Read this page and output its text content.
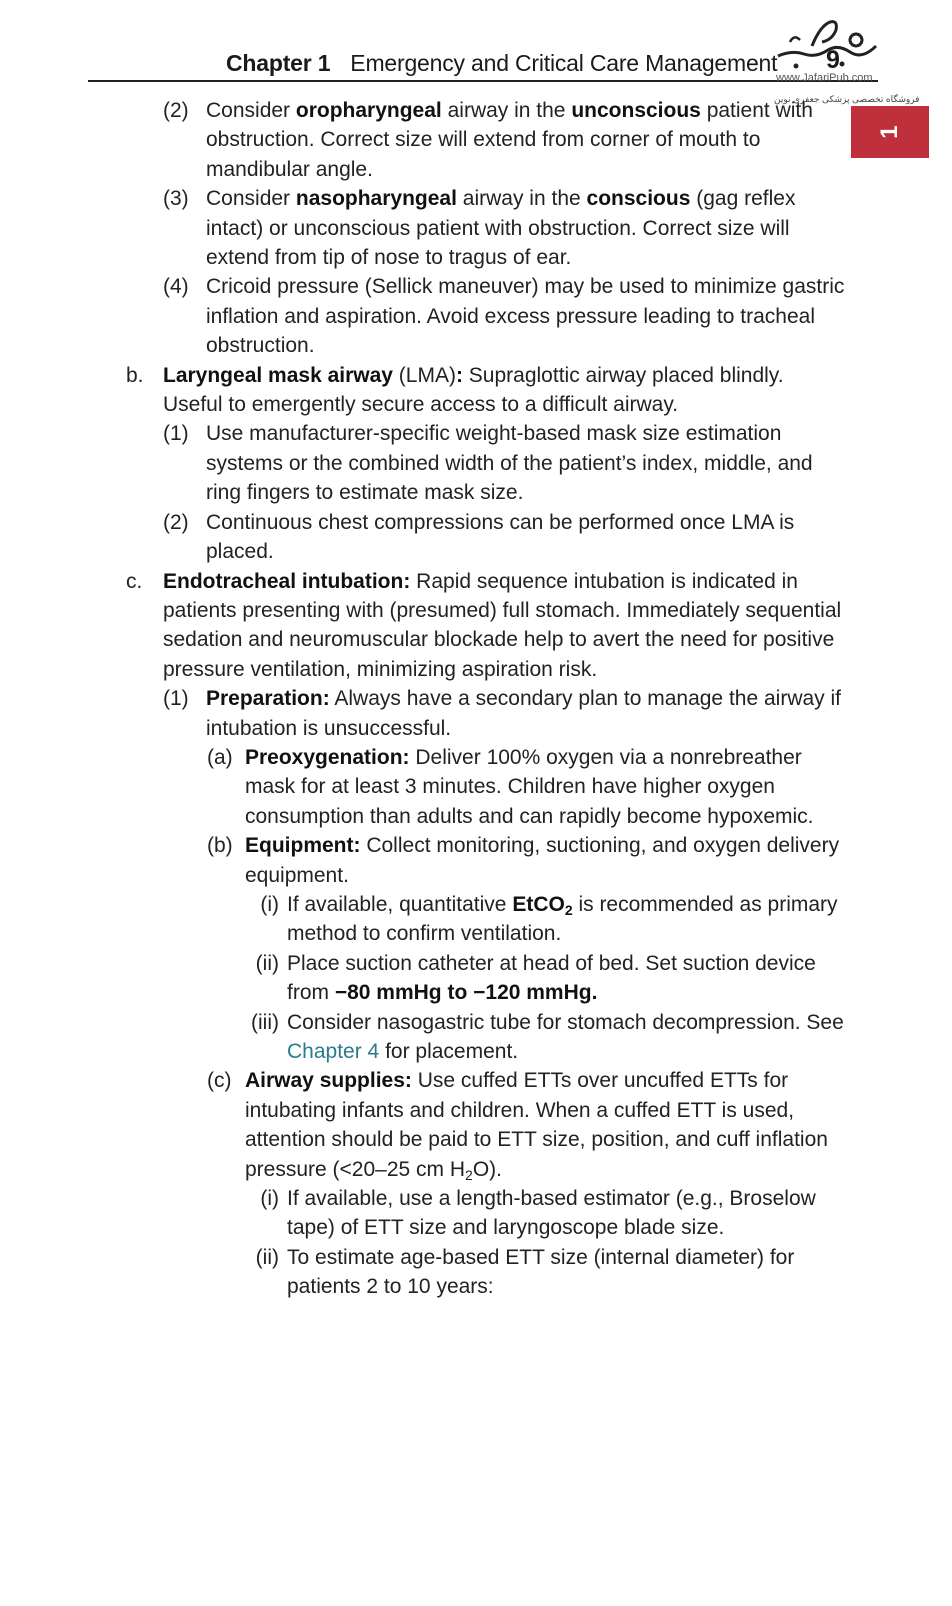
Chapter 1 Emergency and Critical Care Management 9
www.JafariPub.com
فروشگاه تخصصی پزشکی جعفری نوین
1
(2) Consider oropharyngeal airway in the unconscious patient with obstruction. Correct size will extend from corner of mouth to mandibular angle.
(3) Consider nasopharyngeal airway in the conscious (gag reflex intact) or unconscious patient with obstruction. Correct size will extend from tip of nose to tragus of ear.
(4) Cricoid pressure (Sellick maneuver) may be used to minimize gastric inflation and aspiration. Avoid excess pressure leading to tracheal obstruction.
b. Laryngeal mask airway (LMA): Supraglottic airway placed blindly. Useful to emergently secure access to a difficult airway.
(1) Use manufacturer-specific weight-based mask size estimation systems or the combined width of the patient’s index, middle, and ring fingers to estimate mask size.
(2) Continuous chest compressions can be performed once LMA is placed.
c. Endotracheal intubation: Rapid sequence intubation is indicated in patients presenting with (presumed) full stomach. Immediately sequential sedation and neuromuscular blockade help to avert the need for positive pressure ventilation, minimizing aspiration risk.
(1) Preparation: Always have a secondary plan to manage the airway if intubation is unsuccessful.
(a) Preoxygenation: Deliver 100% oxygen via a nonrebreather mask for at least 3 minutes. Children have higher oxygen consumption than adults and can rapidly become hypoxemic.
(b) Equipment: Collect monitoring, suctioning, and oxygen delivery equipment.
(i) If available, quantitative EtCO$_2$ is recommended as primary method to confirm ventilation.
(ii) Place suction catheter at head of bed. Set suction device from −80 mmHg to −120 mmHg.
(iii) Consider nasogastric tube for stomach decompression. See Chapter 4 for placement.
(c) Airway supplies: Use cuffed ETTs over uncuffed ETTs for intubating infants and children. When a cuffed ETT is used, attention should be paid to ETT size, position, and cuff inflation pressure (<20–25 cm $H_2O$).
(i) If available, use a length-based estimator (e.g., Broselow tape) of ETT size and laryngoscope blade size.
(ii) To estimate age-based ETT size (internal diameter) for patients 2 to 10 years:
